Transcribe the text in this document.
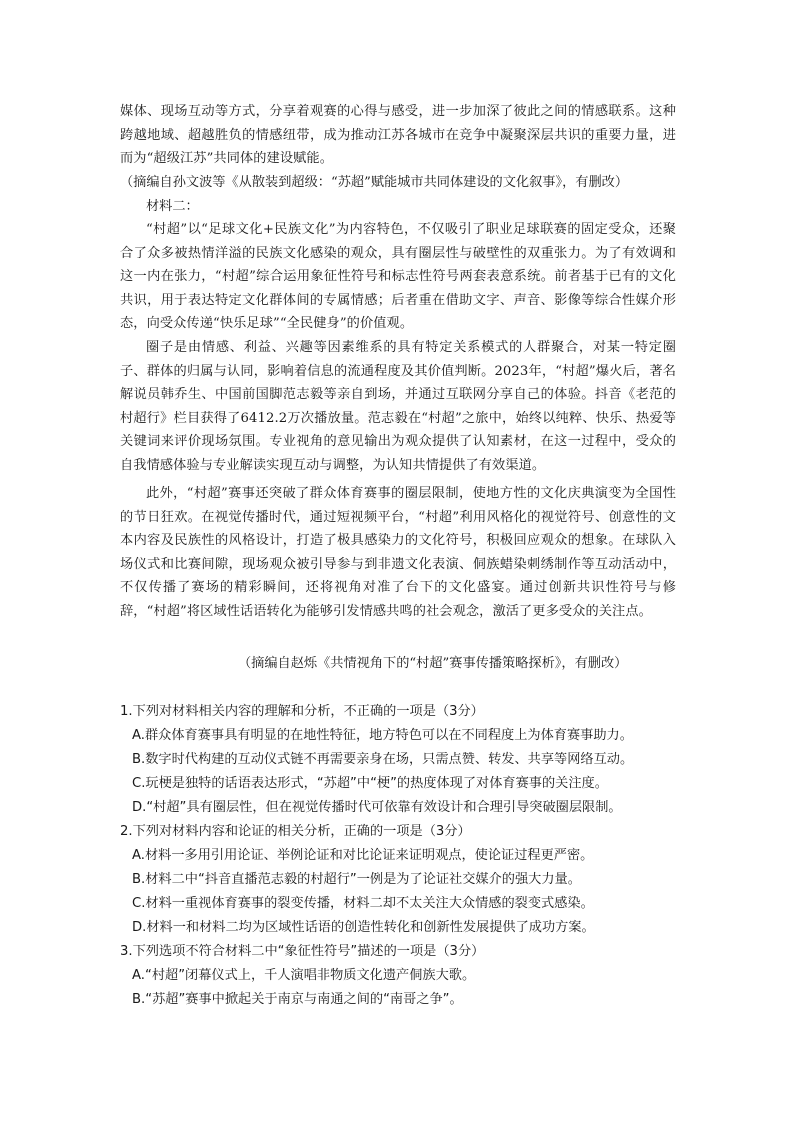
媒体、现场互动等方式，分享着观赛的心得与感受，进一步加深了彼此之间的情感联系。这种跨越地域、超越胜负的情感纽带，成为推动江苏各城市在竞争中凝聚深层共识的重要力量，进而为“超级江苏”共同体的建设赋能。

（摘编自孙文波等《从散装到超级：“苏超”赋能城市共同体建设的文化叙事》，有删改）

材料二：

“村超”以“足球文化+民族文化”为内容特色，不仅吸引了职业足球联赛的固定受众，还聚合了众多被热情洋溢的民族文化感染的观众，具有圈层性与破壁性的双重张力。为了有效调和这一内在张力，“村超”综合运用象征性符号和标志性符号两套表意系统。前者基于已有的文化共识，用于表达特定文化群体间的专属情感；后者重在借助文字、声音、影像等综合性媒介形态，向受众传递“快乐足球”“全民健身”的价值观。

圈子是由情感、利益、兴趣等因素维系的具有特定关系模式的人群聚合，对某一特定圈子、群体的归属与认同，影响着信息的流通程度及其价值判断。2023年，“村超”爆火后，著名解说员韩乔生、中国前国脚范志毅等亲自到场，并通过互联网分享自己的体验。抖音《老范的村超行》栏目获得了6412.2万次播放量。范志毅在“村超”之旅中，始终以纯粹、快乐、热爱等关键词来评价现场氛围。专业视角的意见输出为观众提供了认知素材，在这一过程中，受众的自我情感体验与专业解读实现互动与调整，为认知共情提供了有效渠道。

此外，“村超”赛事还突破了群众体育赛事的圈层限制，使地方性的文化庆典演变为全国性的节日狂欢。在视觉传播时代，通过短视频平台，“村超”利用风格化的视觉符号、创意性的文本内容及民族性的风格设计，打造了极具感染力的文化符号，积极回应观众的想象。在球队入场仪式和比赛间隙，现场观众被引导参与到非遗文化表演、侗族蜡染刺绣制作等互动活动中，不仅传播了赛场的精彩瞬间，还将视角对准了台下的文化盛宴。通过创新共识性符号与修辞，“村超”将区域性话语转化为能够引发情感共鸣的社会观念，激活了更多受众的关注点。

（摘编自赵烁《共情视角下的“村超”赛事传播策略探析》，有删改）

1.下列对材料相关内容的理解和分析，不正确的一项是（3分）

A.群众体育赛事具有明显的在地性特征，地方特色可以在不同程度上为体育赛事助力。

B.数字时代构建的互动仪式链不再需要亲身在场，只需点赞、转发、共享等网络互动。

C.玩梗是独特的话语表达形式，“苏超”中“梗”的热度体现了对体育赛事的关注度。

D.“村超”具有圈层性，但在视觉传播时代可依靠有效设计和合理引导突破圈层限制。

2.下列对材料内容和论证的相关分析，正确的一项是（3分）

A.材料一多用引用论证、举例论证和对比论证来证明观点，使论证过程更严密。

B.材料二中“抖音直播范志毅的村超行”一例是为了论证社交媒介的强大力量。

C.材料一重视体育赛事的裂变传播，材料二却不太关注大众情感的裂变式感染。

D.材料一和材料二均为区域性话语的创造性转化和创新性发展提供了成功方案。

3.下列选项不符合材料二中“象征性符号”描述的一项是（3分）

A.“村超”闭幕仪式上，千人演唱非物质文化遗产侗族大歌。

B.“苏超”赛事中掀起关于南京与南通之间的“南哥之争”。
